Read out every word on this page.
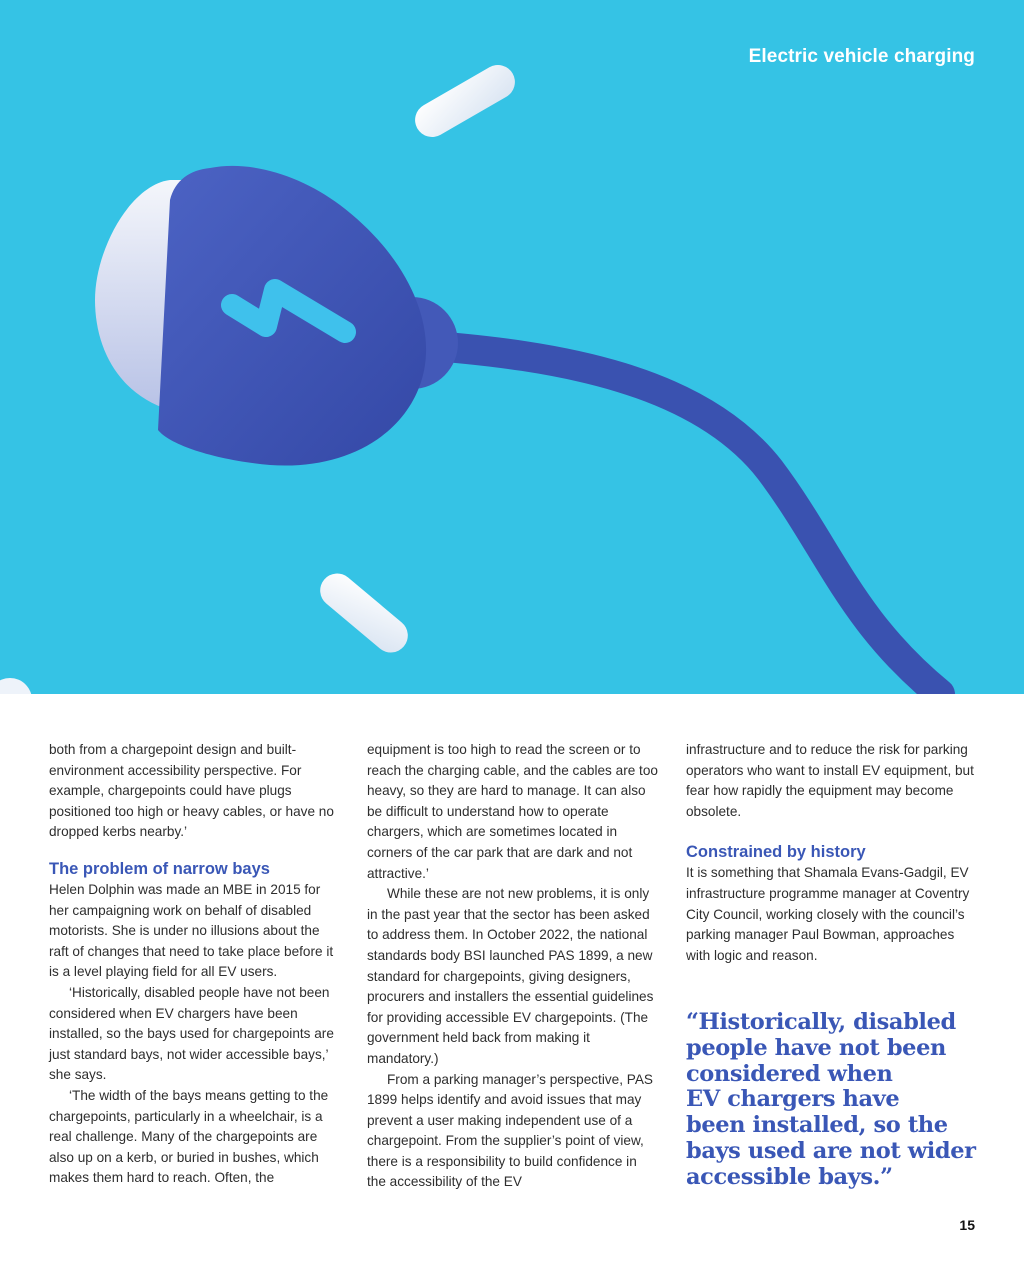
Electric vehicle charging

both from a chargepoint design and built-environment accessibility perspective. For example, chargepoints could have plugs positioned too high or heavy cables, or have no dropped kerbs nearby.’

The problem of narrow bays

Helen Dolphin was made an MBE in 2015 for her campaigning work on behalf of disabled motorists. She is under no illusions about the raft of changes that need to take place before it is a level playing field for all EV users.

‘Historically, disabled people have not been considered when EV chargers have been installed, so the bays used for chargepoints are just standard bays, not wider accessible bays,’ she says.

‘The width of the bays means getting to the chargepoints, particularly in a wheelchair, is a real challenge. Many of the chargepoints are also up on a kerb, or buried in bushes, which makes them hard to reach. Often, the

equipment is too high to read the screen or to reach the charging cable, and the cables are too heavy, so they are hard to manage. It can also be difficult to understand how to operate chargers, which are sometimes located in corners of the car park that are dark and not attractive.’

While these are not new problems, it is only in the past year that the sector has been asked to address them. In October 2022, the national standards body BSI launched PAS 1899, a new standard for chargepoints, giving designers, procurers and installers the essential guidelines for providing accessible EV chargepoints. (The government held back from making it mandatory.)

From a parking manager’s perspective, PAS 1899 helps identify and avoid issues that may prevent a user making independent use of a chargepoint. From the supplier’s point of view, there is a responsibility to build confidence in the accessibility of the EV

infrastructure and to reduce the risk for parking operators who want to install EV equipment, but fear how rapidly the equipment may become obsolete.

Constrained by history

It is something that Shamala Evans-Gadgil, EV infrastructure programme manager at Coventry City Council, working closely with the council’s parking manager Paul Bowman, approaches with logic and reason.

“Historically, disabled
people have not been
considered when
EV chargers have
been installed, so the
bays used are not wider
accessible bays.”
15
